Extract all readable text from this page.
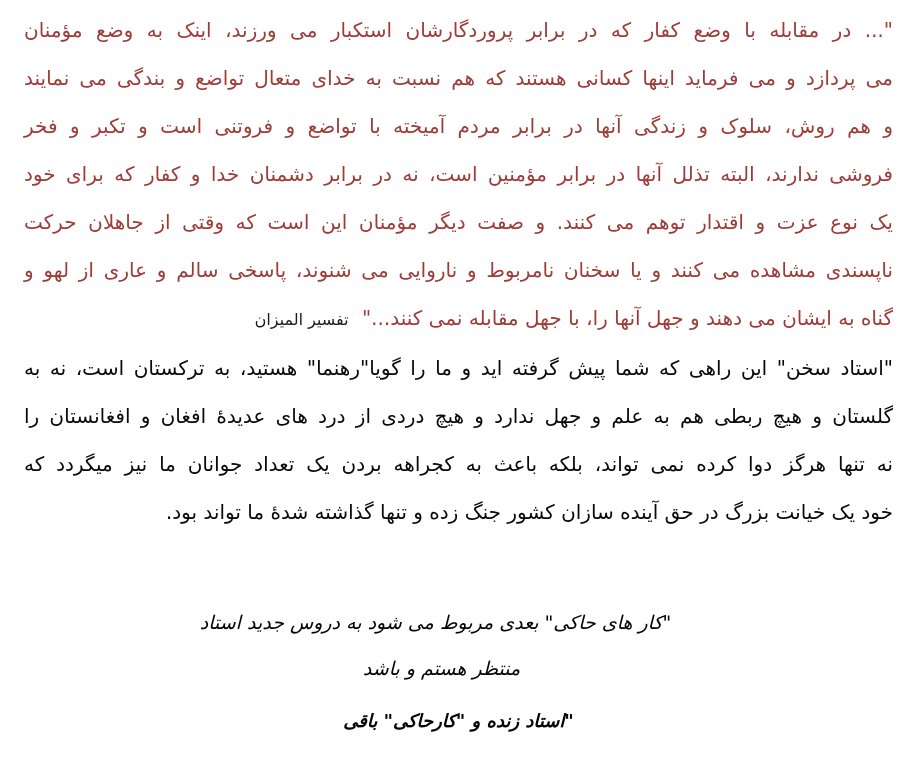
"... در مقابله با وضع کفار که در برابر پروردگارشان استکبار می ورزند، اینک به وضع مؤمنان
می پردازد و می فرماید اینها کسانی هستند که هم نسبت به خدای متعال تواضع و بندگی می نمایند
و هم روش، سلوک و زندگی آنها در برابر مردم آمیخته با تواضع و فروتنی است و تکبر و فخر
فروشی ندارند، البته تذلل آنها در برابر مؤمنین است، نه در برابر دشمنان خدا و کفار که برای خود
یک نوع عزت و اقتدار توهم می کنند. و صفت دیگر مؤمنان این است که وقتی از جاهلان حرکت
ناپسندی مشاهده می کنند و یا سخنان نامربوط و ناروایی می شنوند، پاسخی سالم و عاری از لهو و
گناه به ایشان می دهند و جهل آنها را، با جهل مقابله نمی کنند..." تفسیر المیزان
"استاد سخن" این راهی که شما پیش گرفته اید و ما را گویا"رهنما" هستید، به ترکستان است، نه به
گلستان و هیچ ربطی هم به علم و جهل ندارد و هیچ دردی از درد های عدیدهٔ افغان و افغانستان را
نه تنها هرگز دوا کرده نمی تواند، بلکه باعث به کجراهه بردن یک تعداد جوانان ما نیز میگردد که
خود یک خیانت بزرگ در حق آینده سازان کشور جنگ زده و تنها گذاشته شدهٔ ما تواند بود.
"کار های حاکی" بعدی مربوط می شود به دروس جدید استاد
منتظر هستم و باشد
"استاد زنده و "کارحاکی" باقی
